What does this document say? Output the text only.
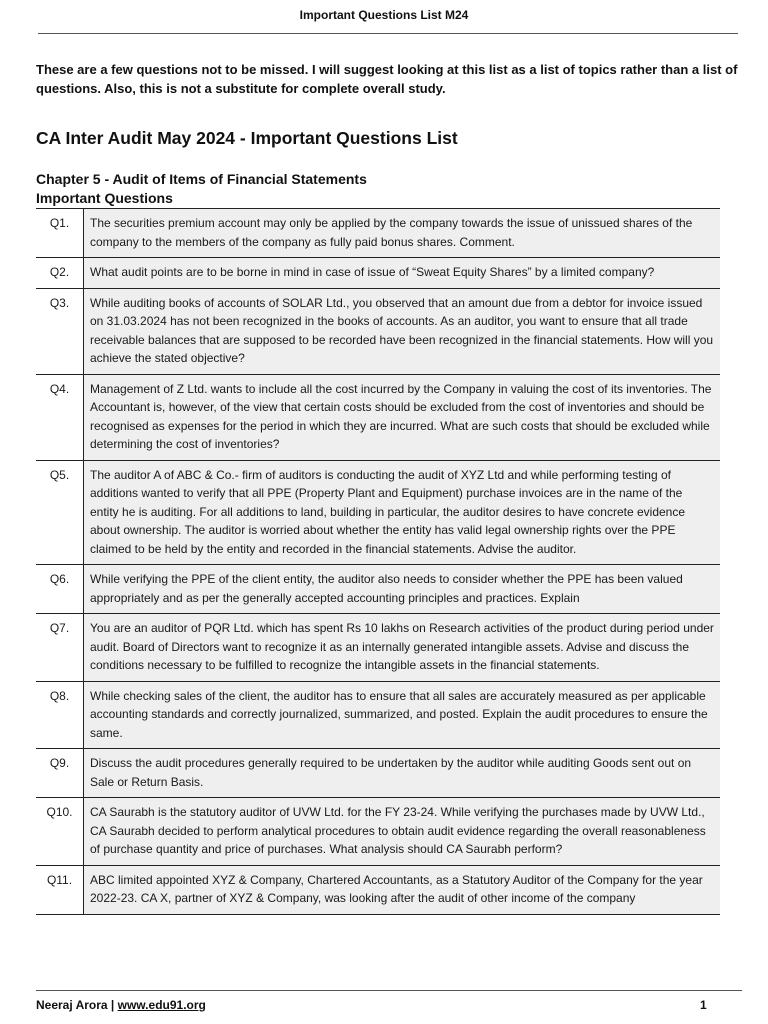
Important Questions List M24
These are a few questions not to be missed. I will suggest looking at this list as a list of topics rather than a list of questions. Also, this is not a substitute for complete overall study.
CA Inter Audit May 2024 - Important Questions List
Chapter 5 - Audit of Items of Financial Statements
Important Questions
Q1.	The securities premium account may only be applied by the company towards the issue of unissued shares of the company to the members of the company as fully paid bonus shares. Comment.
Q2.	What audit points are to be borne in mind in case of issue of “Sweat Equity Shares” by a limited company?
Q3.	While auditing books of accounts of SOLAR Ltd., you observed that an amount due from a debtor for invoice issued on 31.03.2024 has not been recognized in the books of accounts. As an auditor, you want to ensure that all trade receivable balances that are supposed to be recorded have been recognized in the financial statements. How will you achieve the stated objective?
Q4.	Management of Z Ltd. wants to include all the cost incurred by the Company in valuing the cost of its inventories. The Accountant is, however, of the view that certain costs should be excluded from the cost of inventories and should be recognised as expenses for the period in which they are incurred. What are such costs that should be excluded while determining the cost of inventories?
Q5.	The auditor A of ABC & Co.- firm of auditors is conducting the audit of XYZ Ltd and while performing testing of additions wanted to verify that all PPE (Property Plant and Equipment) purchase invoices are in the name of the entity he is auditing. For all additions to land, building in particular, the auditor desires to have concrete evidence about ownership. The auditor is worried about whether the entity has valid legal ownership rights over the PPE claimed to be held by the entity and recorded in the financial statements. Advise the auditor.
Q6.	While verifying the PPE of the client entity, the auditor also needs to consider whether the PPE has been valued appropriately and as per the generally accepted accounting principles and practices. Explain
Q7.	You are an auditor of PQR Ltd. which has spent Rs 10 lakhs on Research activities of the product during period under audit. Board of Directors want to recognize it as an internally generated intangible assets. Advise and discuss the conditions necessary to be fulfilled to recognize the intangible assets in the financial statements.
Q8.	While checking sales of the client, the auditor has to ensure that all sales are accurately measured as per applicable accounting standards and correctly journalized, summarized, and posted. Explain the audit procedures to ensure the same.
Q9.	Discuss the audit procedures generally required to be undertaken by the auditor while auditing Goods sent out on Sale or Return Basis.
Q10.	CA Saurabh is the statutory auditor of UVW Ltd. for the FY 23-24. While verifying the purchases made by UVW Ltd., CA Saurabh decided to perform analytical procedures to obtain audit evidence regarding the overall reasonableness of purchase quantity and price of purchases. What analysis should CA Saurabh perform?
Q11.	ABC limited appointed XYZ & Company, Chartered Accountants, as a Statutory Auditor of the Company for the year 2022-23. CA X, partner of XYZ & Company, was looking after the audit of other income of the company
Neeraj Arora | www.edu91.org	1
